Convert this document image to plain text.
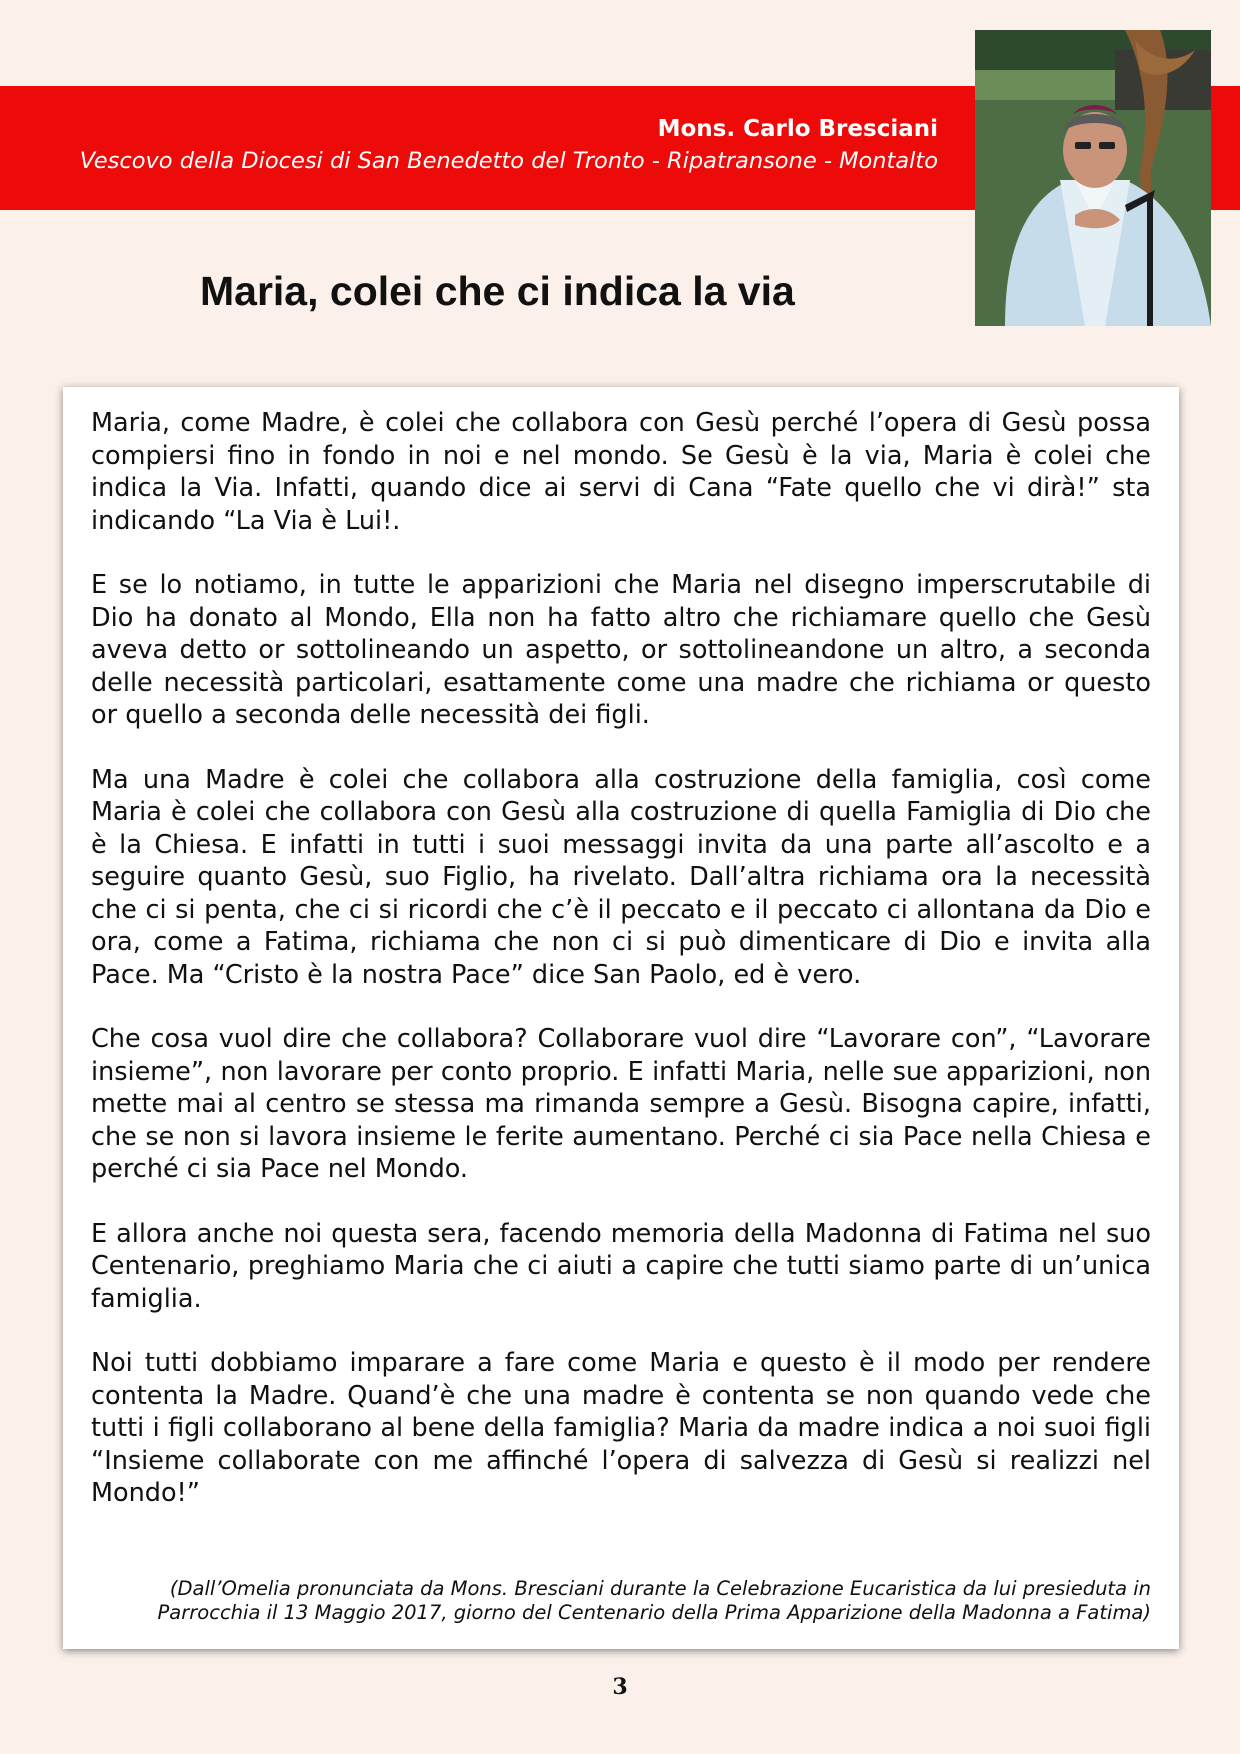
Mons. Carlo Bresciani
Vescovo della Diocesi di San Benedetto del Tronto - Ripatransone - Montalto
Maria, colei che ci indica la via

Maria, come Madre, è colei che collabora con Gesù perché l’opera di Gesù possa compiersi fino in fondo in noi e nel mondo. Se Gesù è la via, Maria è colei che indica la Via. Infatti, quando dice ai servi di Cana “Fate quello che vi dirà!” sta indicando “La Via è Lui!.

E se lo notiamo, in tutte le apparizioni che Maria nel disegno imperscrutabile di Dio ha donato al Mondo, Ella non ha fatto altro che richiamare quello che Gesù aveva detto or sottolineando un aspetto, or sottolineandone un altro, a seconda delle necessità particolari, esattamente come una madre che richiama or questo or quello a seconda delle necessità dei figli.

Ma una Madre è colei che collabora alla costruzione della famiglia, così come Maria è colei che collabora con Gesù alla costruzione di quella Famiglia di Dio che è la Chiesa. E infatti in tutti i suoi messaggi invita da una parte all’ascolto e a seguire quanto Gesù, suo Figlio, ha rivelato. Dall’altra richiama ora la necessità che ci si penta, che ci si ricordi che c’è il peccato e il peccato ci allontana da Dio e ora, come a Fatima, richiama che non ci si può dimenticare di Dio e invita alla Pace. Ma “Cristo è la nostra Pace” dice San Paolo, ed è vero.

Che cosa vuol dire che collabora? Collaborare vuol dire “Lavorare con”, “Lavorare insieme”, non lavorare per conto proprio. E infatti Maria, nelle sue apparizioni, non mette mai al centro se stessa ma rimanda sempre a Gesù. Bisogna capire, infatti, che se non si lavora insieme le ferite aumentano. Perché ci sia Pace nella Chiesa e perché ci sia Pace nel Mondo.

E allora anche noi questa sera, facendo memoria della Madonna di Fatima nel suo Centenario, preghiamo Maria che ci aiuti a capire che tutti siamo parte di un’unica famiglia.

Noi tutti dobbiamo imparare a fare come Maria e questo è il modo per rendere contenta la Madre. Quand’è che una madre è contenta se non quando vede che tutti i figli collaborano al bene della famiglia? Maria da madre indica a noi suoi figli “Insieme collaborate con me affinché l’opera di salvezza di Gesù si realizzi nel Mondo!”

(Dall’Omelia pronunciata da Mons. Bresciani durante la Celebrazione Eucaristica da lui presieduta in
Parrocchia il 13 Maggio 2017, giorno del Centenario della Prima Apparizione della Madonna a Fatima)
3
